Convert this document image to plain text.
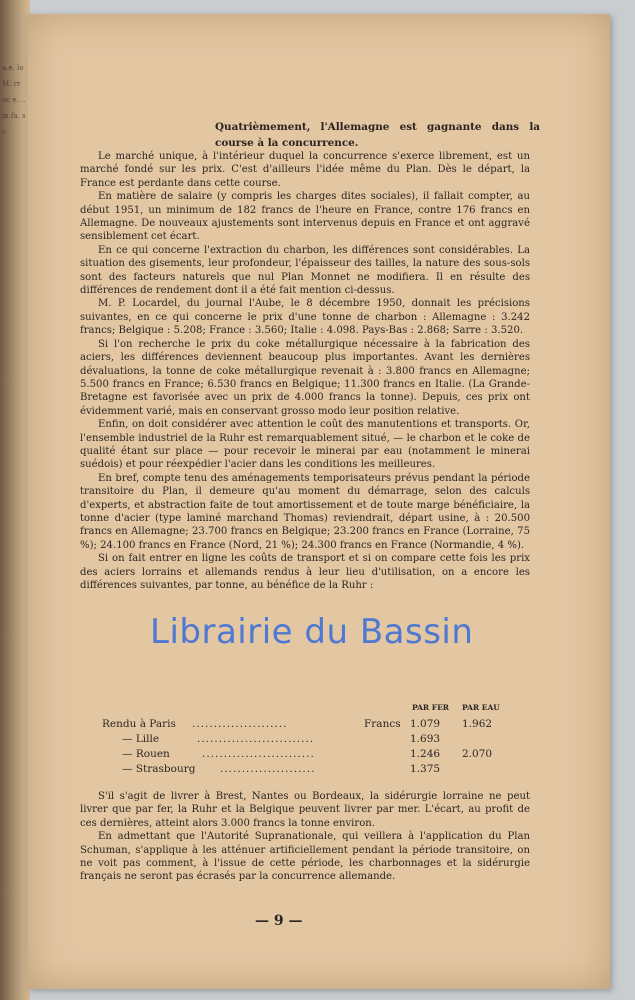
a.e. lo M. rr oc e. ..m fa. sc	Quatrièmement, l'Allemagne est gagnante dans la course à la concurrence.

Le marché unique, à l'intérieur duquel la concurrence s'exerce librement, est un marché fondé sur les prix. C'est d'ailleurs l'idée même du Plan. Dès le départ, la France est perdante dans cette course.

En matière de salaire (y compris les charges dites sociales), il fallait compter, au début 1951, un minimum de 182 francs de l'heure en France, contre 176 francs en Allemagne. De nouveaux ajustements sont intervenus depuis en France et ont aggravé sensiblement cet écart.

En ce qui concerne l'extraction du charbon, les différences sont considérables. La situation des gisements, leur profondeur, l'épaisseur des tailles, la nature des sous-sols sont des facteurs naturels que nul Plan Monnet ne modifiera. Il en résulte des différences de rendement dont il a été fait mention ci-dessus.

M. P. Locardel, du journal l'Aube, le 8 décembre 1950, donnait les précisions suivantes, en ce qui concerne le prix d'une tonne de charbon : Allemagne : 3.242 francs; Belgique : 5.208; France : 3.560; Italie : 4.098. Pays-Bas : 2.868; Sarre : 3.520.

Si l'on recherche le prix du coke métallurgique nécessaire à la fabrication des aciers, les différences deviennent beaucoup plus importantes. Avant les dernières dévaluations, la tonne de coke métallurgique revenait à : 3.800 francs en Allemagne; 5.500 francs en France; 6.530 francs en Belgique; 11.300 francs en Italie. (La Grande-Bretagne est favorisée avec un prix de 4.000 francs la tonne). Depuis, ces prix ont évidemment varié, mais en conservant grosso modo leur position relative.

Enfin, on doit considérer avec attention le coût des manutentions et transports. Or, l'ensemble industriel de la Ruhr est remarquablement situé, — le charbon et le coke de qualité étant sur place — pour recevoir le minerai par eau (notamment le minerai suédois) et pour réexpédier l'acier dans les conditions les meilleures.

En bref, compte tenu des aménagements temporisateurs prévus pendant la période transitoire du Plan, il demeure qu'au moment du démarrage, selon des calculs d'experts, et abstraction faite de tout amortissement et de toute marge bénéficiaire, la tonne d'acier (type laminé marchand Thomas) reviendrait, départ usine, à : 20.500 francs en Allemagne; 23.700 francs en Belgique; 23.200 francs en France (Lorraine, 75 %); 24.100 francs en France (Nord, 21 %); 24.300 francs en France (Normandie, 4 %).

Si on fait entrer en ligne les coûts de transport et si on compare cette fois les prix des aciers lorrains et allemands rendus à leur lieu d'utilisation, on a encore les différences suivantes, par tonne, au bénéfice de la Ruhr :

PAR FER PAR EAU
Rendu à Paris ......................	Francs 1.079 1.962
— Lille	...........................	1.693
— Rouen	..........................	1.246 2.070
— Strasbourg ......................	1.375

S'il s'agit de livrer à Brest, Nantes ou Bordeaux, la sidérurgie lorraine ne peut livrer que par fer, la Ruhr et la Belgique peuvent livrer par mer. L'écart, au profit de ces dernières, atteint alors 3.000 francs la tonne environ.

En admettant que l'Autorité Supranationale, qui veillera à l'application du Plan Schuman, s'applique à les atténuer artificiellement pendant la période transitoire, on ne voit pas comment, à l'issue de cette période, les charbonnages et la sidérurgie français ne seront pas écrasés par la concurrence allemande.

— 9 —
Librairie du Bassin
